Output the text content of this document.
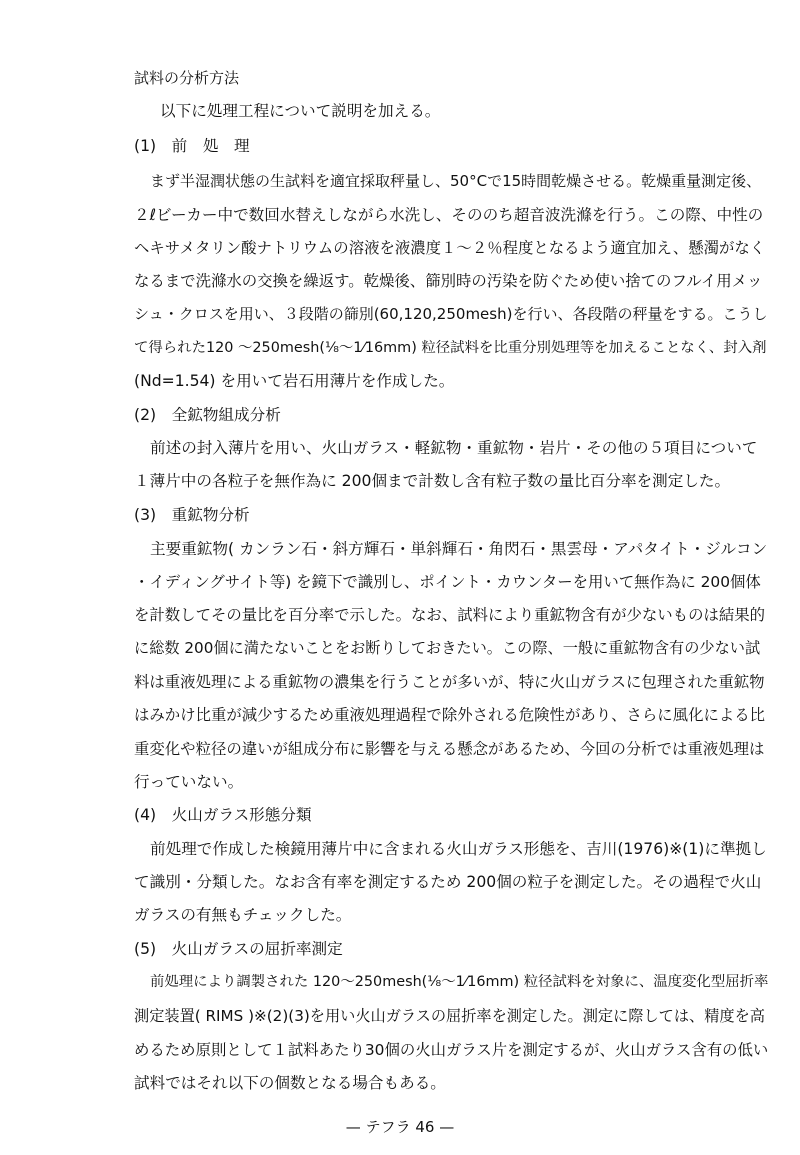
試料の分析方法
以下に処理工程について説明を加える。
(1)　前　処　理
まず半湿潤状態の生試料を適宜採取秤量し、50°Cで15時間乾燥させる。乾燥重量測定後、
２ℓビーカー中で数回水替えしながら水洗し、そののち超音波洗滌を行う。この際、中性の
ヘキサメタリン酸ナトリウムの溶液を液濃度１～２％程度となるよう適宜加え、懸濁がなく
なるまで洗滌水の交換を繰返す。乾燥後、篩別時の汚染を防ぐため使い捨てのフルイ用メッ
シュ・クロスを用い、３段階の篩別(60,120,250mesh)を行い、各段階の秤量をする。こうし
て得られた120 ～250mesh(⅛～1⁄16mm) 粒径試料を比重分別処理等を加えることなく、封入剤
(Nd=1.54) を用いて岩石用薄片を作成した。
(2)　全鉱物組成分析
前述の封入薄片を用い、火山ガラス・軽鉱物・重鉱物・岩片・その他の５項目について
１薄片中の各粒子を無作為に 200個まで計数し含有粒子数の量比百分率を測定した。
(3)　重鉱物分析
主要重鉱物( カンラン石・斜方輝石・単斜輝石・角閃石・黒雲母・アパタイト・ジルコン
・イディングサイト等) を鏡下で識別し、ポイント・カウンターを用いて無作為に 200個体
を計数してその量比を百分率で示した。なお、試料により重鉱物含有が少ないものは結果的
に総数 200個に満たないことをお断りしておきたい。この際、一般に重鉱物含有の少ない試
料は重液処理による重鉱物の濃集を行うことが多いが、特に火山ガラスに包理された重鉱物
はみかけ比重が減少するため重液処理過程で除外される危険性があり、さらに風化による比
重変化や粒径の違いが組成分布に影響を与える懸念があるため、今回の分析では重液処理は
行っていない。
(4)　火山ガラス形態分類
前処理で作成した検鏡用薄片中に含まれる火山ガラス形態を、吉川(1976)※(1)に準拠し
て識別・分類した。なお含有率を測定するため 200個の粒子を測定した。その過程で火山
ガラスの有無もチェックした。
(5)　火山ガラスの屈折率測定
前処理により調製された 120～250mesh(⅛～1⁄16mm) 粒径試料を対象に、温度変化型屈折率
測定装置( RIMS )※(2)(3)を用い火山ガラスの屈折率を測定した。測定に際しては、精度を高
めるため原則として１試料あたり30個の火山ガラス片を測定するが、火山ガラス含有の低い
試料ではそれ以下の個数となる場合もある。
— テフラ 46 —
